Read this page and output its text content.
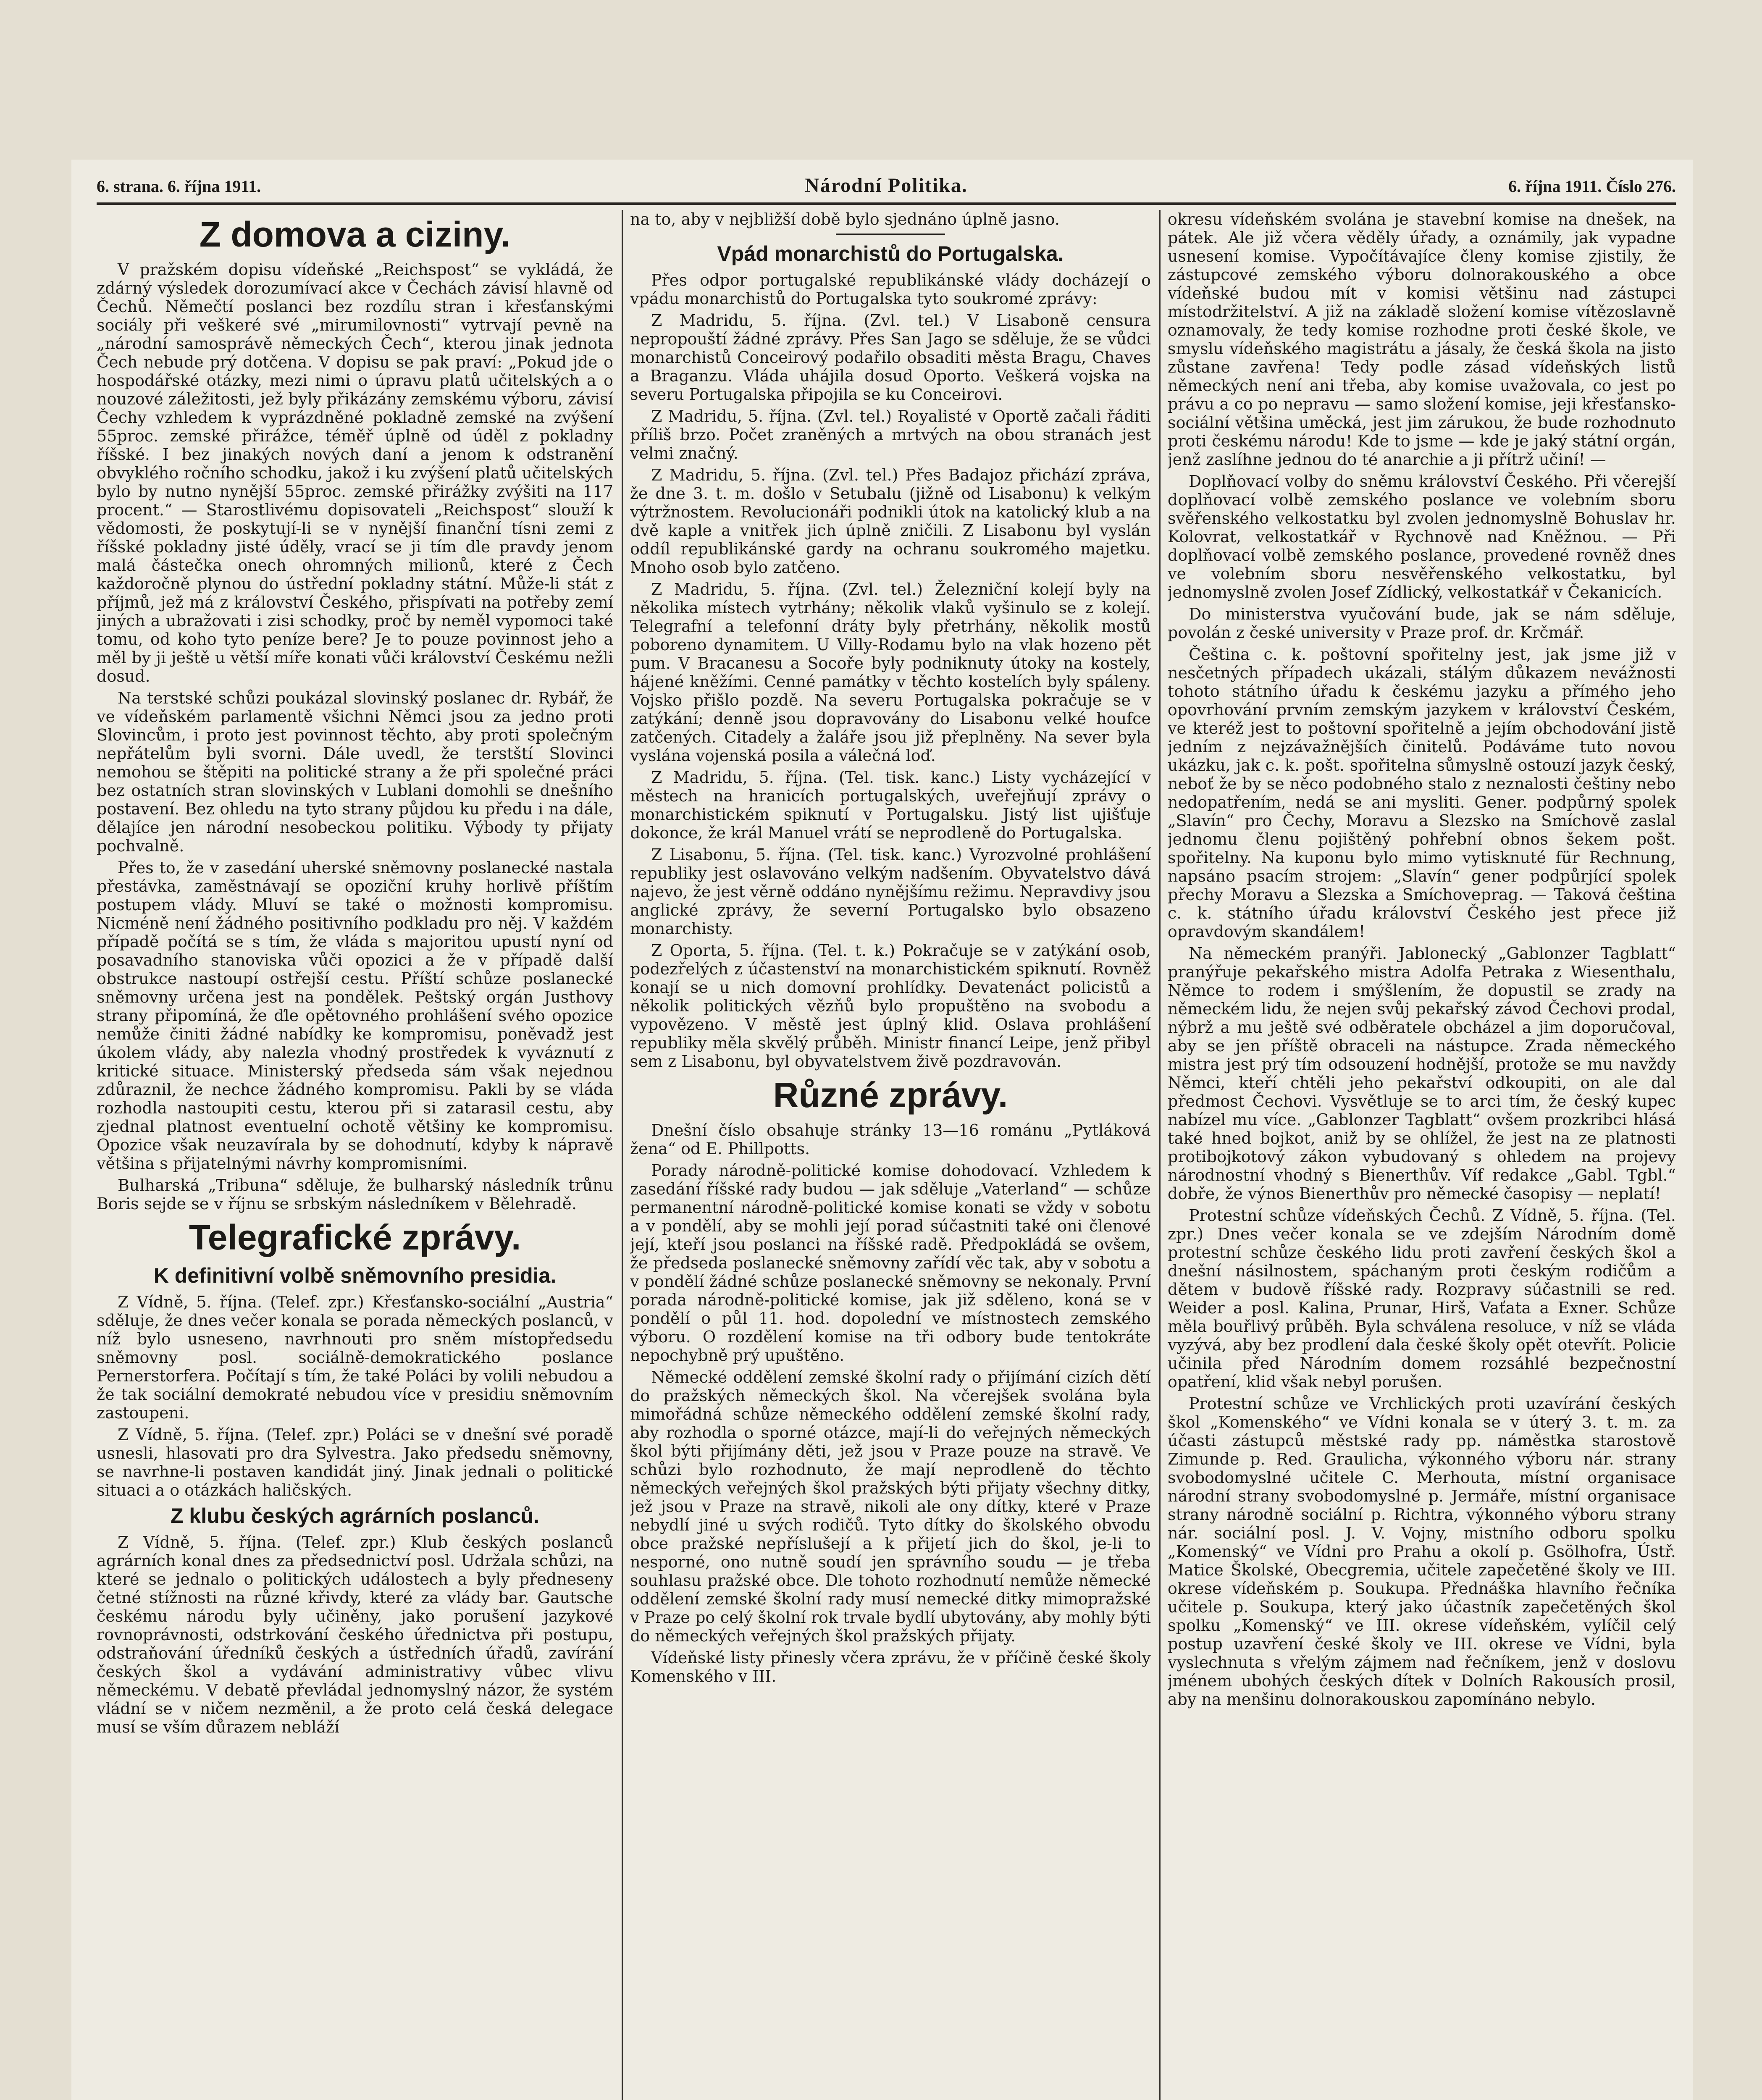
6. strana. 6. října 1911.	Národní Politika.	6. října 1911. Číslo 276.
Z domova a ciziny.

V pražském dopisu vídeňské „Reichspost“ se vykládá, že zdárný výsledek dorozumívací akce v Čechách závisí hlavně od Čechů. Němečtí poslanci bez rozdílu stran i křesťanskými sociály při veškeré své „mirumilovnosti“ vytrvají pevně na „národní samosprávě německých Čech“, kterou jinak jednota Čech nebude prý dotčena. V dopisu se pak praví: „Pokud jde o hospodářské otázky, mezi nimi o úpravu platů učitelských a o nouzové záležitosti, jež byly přikázány zemskému výboru, závisí Čechy vzhledem k vyprázdněné pokladně zemské na zvýšení 55proc. zemské přirážce, téměř úplně od úděl z pokladny říšské. I bez jinakých nových daní a jenom k odstranění obvyklého ročního schodku, jakož i ku zvýšení platů učitelských bylo by nutno nynější 55proc. zemské přirážky zvýšiti na 117 procent.“ — Starostlivému dopisovateli „Reichspost“ slouží k vědomosti, že poskytují-li se v nynější finanční tísni zemi z říšské pokladny jisté úděly, vrací se ji tím dle pravdy jenom malá částečka onech ohromných milionů, které z Čech každoročně plynou do ústřední pokladny státní. Může-li stát z příjmů, jež má z království Českého, přispívati na potřeby zemí jiných a ubražovati i zisi schodky, proč by neměl vypomoci také tomu, od koho tyto peníze bere? Je to pouze povinnost jeho a měl by ji ještě u větší míře konati vůči království Českému nežli dosud.

Na terstské schůzi poukázal slovinský poslanec dr. Rybář, že ve vídeňském parlamentě všichni Němci jsou za jedno proti Slovincům, i proto jest povinnost těchto, aby proti společným nepřátelům byli svorni. Dále uvedl, že terstští Slovinci nemohou se štěpiti na politické strany a že při společné práci bez ostatních stran slovinských v Lublani domohli se dnešního postavení. Bez ohledu na tyto strany půjdou ku předu i na dále, dělajíce jen národní nesobeckou politiku. Výbody ty přijaty pochvalně.

Přes to, že v zasedání uherské sněmovny poslanecké nastala přestávka, zaměstnávají se opoziční kruhy horlivě příštím postupem vlády. Mluví se také o možnosti kompromisu. Nicméně není žádného positivního podkladu pro něj. V každém případě počítá se s tím, že vláda s majoritou upustí nyní od posavadního stanoviska vůči opozici a že v případě další obstrukce nastoupí ostřejší cestu. Příští schůze poslanecké sněmovny určena jest na pondělek. Peštský orgán Justhovy strany připomíná, že ďle opětovného prohlášení svého opozice nemůže činiti žádné nabídky ke kompromisu, poněvadž jest úkolem vlády, aby nalezla vhodný prostředek k vyváznutí z kritické situace. Ministerský předseda sám však nejednou zdůraznil, že nechce žádného kompromisu. Pakli by se vláda rozhodla nastoupiti cestu, kterou při si zatarasil cestu, aby zjednal platnost eventuelní ochotě většiny ke kompromisu. Opozice však neuzavírala by se dohodnutí, kdyby k nápravě většina s přijatelnými návrhy kompromisními.

Bulharská „Tribuna“ sděluje, že bulharský následník trůnu Boris sejde se v říjnu se srbským následníkem v Bělehradě.

Telegrafické zprávy.
K definitivní volbě sněmovního presidia.

Z Vídně, 5. října. (Telef. zpr.) Křesťansko-sociální „Austria“ sděluje, že dnes večer konala se porada německých poslanců, v níž bylo usneseno, navrhnouti pro sněm místopředsedu sněmovny posl. sociálně-demokratického poslance Pernerstorfera. Počítají s tím, že také Poláci by volili nebudou a že tak sociální demokraté nebudou více v presidiu sněmovním zastoupeni.

Z Vídně, 5. října. (Telef. zpr.) Poláci se v dnešní své poradě usnesli, hlasovati pro dra Sylvestra. Jako předsedu sněmovny, se navrhne-li postaven kandidát jiný. Jinak jednali o politické situaci a o otázkách haličských.

Z klubu českých agrárních poslanců.

Z Vídně, 5. října. (Telef. zpr.) Klub českých poslanců agrárních konal dnes za předsednictví posl. Udržala schůzi, na které se jednalo o politických událostech a byly předneseny četné stížnosti na různé křivdy, které za vlády bar. Gautsche českému národu byly učiněny, jako porušení jazykové rovnoprávnosti, odstrkování českého úřednictva při postupu, odstraňování úředníků českých a ústředních úřadů, zavírání českých škol a vydávání administrativy vůbec vlivu německému. V debatě převládal jednomyslný názor, že systém vládní se v ničem nezměnil, a že proto celá česká delegace musí se vším důrazem nebláží

na to, aby v nejbližší době bylo sjednáno úplně jasno.

Vpád monarchistů do Portugalska.

Přes odpor portugalské republikánské vlády docházejí o vpádu monarchistů do Portugalska tyto soukromé zprávy:

Z Madridu, 5. října. (Zvl. tel.) V Lisaboně censura nepropouští žádné zprávy. Přes San Jago se sděluje, že se vůdci monarchistů Conceirový podařilo obsaditi města Bragu, Chaves a Braganzu. Vláda uhájila dosud Oporto. Veškerá vojska na severu Portugalska připojila se ku Conceirovi.

Z Madridu, 5. října. (Zvl. tel.) Royalisté v Oportě začali řáditi příliš brzo. Počet zraněných a mrtvých na obou stranách jest velmi značný.

Z Madridu, 5. října. (Zvl. tel.) Přes Badajoz přichází zpráva, že dne 3. t. m. došlo v Setubalu (jižně od Lisabonu) k velkým výtržnostem. Revolucionáři podnikli útok na katolický klub a na dvě kaple a vnitřek jich úplně zničili. Z Lisabonu byl vyslán oddíl republikánské gardy na ochranu soukromého majetku. Mnoho osob bylo zatčeno.

Z Madridu, 5. října. (Zvl. tel.) Železniční kolejí byly na několika místech vytrhány; několik vlaků vyšinulo se z kolejí. Telegrafní a telefonní dráty byly přetrhány, několik mostů poboreno dynamitem. U Villy-Rodamu bylo na vlak hozeno pět pum. V Bracanesu a Socoře byly podniknuty útoky na kostely, hájené kněžími. Cenné památky v těchto kostelích byly spáleny. Vojsko přišlo pozdě. Na severu Portugalska pokračuje se v zatýkání; denně jsou dopravovány do Lisabonu velké houfce zatčených. Citadely a žaláře jsou již přeplněny. Na sever byla vyslána vojenská posila a válečná loď.

Z Madridu, 5. října. (Tel. tisk. kanc.) Listy vycházející v městech na hranicích portugalských, uveřejňují zprávy o monarchistickém spiknutí v Portugalsku. Jistý list ujišťuje dokonce, že král Manuel vrátí se neprodleně do Portugalska.

Z Lisabonu, 5. října. (Tel. tisk. kanc.) Vyrozvolné prohlášení republiky jest oslavováno velkým nadšením. Obyvatelstvo dává najevo, že jest věrně oddáno nynějšímu režimu. Nepravdivy jsou anglické zprávy, že severní Portugalsko bylo obsazeno monarchisty.

Z Oporta, 5. října. (Tel. t. k.) Pokračuje se v zatýkání osob, podezřelých z účastenství na monarchistickém spiknutí. Rovněž konají se u nich domovní prohlídky. Devatenáct policistů a několik politických vězňů bylo propuštěno na svobodu a vypovězeno. V městě jest úplný klid. Oslava prohlášení republiky měla skvělý průběh. Ministr financí Leipe, jenž přibyl sem z Lisabonu, byl obyvatelstvem živě pozdravován.

Různé zprávy.

Dnešní číslo obsahuje stránky 13—16 románu „Pytláková žena“ od E. Phillpotts.

Porady národně-politické komise dohodovací. Vzhledem k zasedání říšské rady budou — jak sděluje „Vaterland“ — schůze permanentní národně-politické komise konati se vždy v sobotu a v pondělí, aby se mohli její porad súčastniti také oni členové její, kteří jsou poslanci na říšské radě. Předpokládá se ovšem, že předseda poslanecké sněmovny zařídí věc tak, aby v sobotu a v pondělí žádné schůze poslanecké sněmovny se nekonaly. První porada národně-politické komise, jak již sděleno, koná se v pondělí o půl 11. hod. dopolední ve místnostech zemského výboru. O rozdělení komise na tři odbory bude tentokráte nepochybně prý upuštěno.

Německé oddělení zemské školní rady o přijímání cizích dětí do pražských německých škol. Na včerejšek svolána byla mimořádná schůze německého oddělení zemské školní rady, aby rozhodla o sporné otázce, mají-li do veřejných německých škol býti přijímány děti, jež jsou v Praze pouze na stravě. Ve schůzi bylo rozhodnuto, že mají neprodleně do těchto německých veřejných škol pražských býti přijaty všechny ditky, jež jsou v Praze na stravě, nikoli ale ony dítky, které v Praze nebydlí jiné u svých rodičů. Tyto dítky do školského obvodu obce pražské nepříslušejí a k přijetí jich do škol, je-li to nesporné, ono nutně soudí jen správního soudu — je třeba souhlasu pražské obce. Dle tohoto rozhodnutí nemůže německé oddělení zemské školní rady musí nemecké ditky mimopražské v Praze po celý školní rok trvale bydlí ubytovány, aby mohly býti do německých veřejných škol pražských přijaty.

Vídeňské listy přinesly včera zprávu, že v příčině české školy Komenského v III.

okresu vídeňském svolána je stavební komise na dnešek, na pátek. Ale již včera věděly úřady, a oznámily, jak vypadne usnesení komise. Vypočítávajíce členy komise zjistily, že zástupcové zemského výboru dolnorakouského a obce vídeňské budou mít v komisi většinu nad zástupci místodržitelství. A již na základě složení komise vítězoslavně oznamovaly, že tedy komise rozhodne proti české škole, ve smyslu vídeňského magistrátu a jásaly, že česká škola na jisto zůstane zavřena! Tedy podle zásad vídeňských listů německých není ani třeba, aby komise uvažovala, co jest po právu a co po nepravu — samo složení komise, jeji křesťansko-sociální většina uměcká, jest jim zárukou, že bude rozhodnuto proti českému národu! Kde to jsme — kde je jaký státní orgán, jenž zaslíhne jednou do té anarchie a ji přítrž učiní! —

Doplňovací volby do sněmu království Českého. Při včerejší doplňovací volbě zemského poslance ve volebním sboru svěřenského velkostatku byl zvolen jednomyslně Bohuslav hr. Kolovrat, velkostatkář v Rychnově nad Kněžnou. — Při doplňovací volbě zemského poslance, provedené rovněž dnes ve volebním sboru nesvěřenského velkostatku, byl jednomyslně zvolen Josef Zídlický, velkostatkář v Čekanicích.

Do ministerstva vyučování bude, jak se nám sděluje, povolán z české university v Praze prof. dr. Krčmář.

Čeština c. k. poštovní spořitelny jest, jak jsme již v nesčetných případech ukázali, stálým důkazem nevážnosti tohoto státního úřadu k českému jazyku a přímého jeho opovrhování prvním zemským jazykem v království Českém, ve kteréž jest to poštovní spořitelně a jejím obchodování jistě jedním z nejzávažnějších činitelů. Podáváme tuto novou ukázku, jak c. k. pošt. spořitelna sůmyslně ostouzí jazyk český, neboť že by se něco podobného stalo z neznalosti češtiny nebo nedopatřením, nedá se ani mysliti. Gener. podpůrný spolek „Slavín“ pro Čechy, Moravu a Slezsko na Smíchově zaslal jednomu členu pojištěný pohřební obnos šekem pošt. spořitelny. Na kuponu bylo mimo vytisknuté für Rechnung, napsáno psacím strojem: „Slavín“ gener podpůrjící spolek přechy Moravu a Slezska a Smíchoveprag. — Taková čeština c. k. státního úřadu království Českého jest přece již opravdovým skandálem!

Na německém pranýři. Jablonecký „Gablonzer Tagblatt“ pranýřuje pekařského mistra Adolfa Petraka z Wiesenthalu, Němce to rodem i smýšlením, že dopustil se zrady na německém lidu, že nejen svůj pekařský závod Čechovi prodal, nýbrž a mu ještě své odběratele obcházel a jim doporučoval, aby se jen příště obraceli na nástupce. Zrada německého mistra jest prý tím odsouzení hodnější, protože se mu navždy Němci, kteří chtěli jeho pekařství odkoupiti, on ale dal předmost Čechovi. Vysvětluje se to arci tím, že český kupec nabízel mu více. „Gablonzer Tagblatt“ ovšem prozkribci hlásá také hned bojkot, aniž by se ohlížel, že jest na ze platnosti protibojkotový zákon vybudovaný s ohledem na projevy národnostní vhodný s Bienerthův. Víf redakce „Gabl. Tgbl.“ dobře, že výnos Bienerthův pro německé časopisy — neplatí!

Protestní schůze vídeňských Čechů. Z Vídně, 5. října. (Tel. zpr.) Dnes večer konala se ve zdejším Národním domě protestní schůze českého lidu proti zavření českých škol a dnešní násilnostem, spáchaným proti českým rodičům a dětem v budově říšské rady. Rozpravy súčastnili se red. Weider a posl. Kalina, Prunar, Hirš, Vaťata a Exner. Schůze měla bouřlivý průběh. Byla schválena resoluce, v níž se vláda vyzývá, aby bez prodlení dala české školy opět otevřít. Policie učinila před Národním domem rozsáhlé bezpečnostní opatření, klid však nebyl porušen.

Protestní schůze ve Vrchlických proti uzavírání českých škol „Komenského“ ve Vídni konala se v úterý 3. t. m. za účasti zástupců městské rady pp. náměstka starostově Zimunde p. Red. Graulicha, výkonného výboru nár. strany svobodomyslné učitele C. Merhouta, místní organisace národní strany svobodomyslné p. Jermáře, místní organisace strany národně sociální p. Richtra, výkonného výboru strany nár. sociální posl. J. V. Vojny, mistního odboru spolku „Komenský“ ve Vídni pro Prahu a okolí p. Gsölhofra, Ústř. Matice Školské, Obecgremia, učitele zapečetěné školy ve III. okrese vídeňském p. Soukupa. Přednáška hlavního řečníka učitele p. Soukupa, který jako účastník zapečetěných škol spolku „Komenský“ ve III. okrese vídeňském, vylíčil celý postup uzavření české školy ve III. okrese ve Vídni, byla vyslechnuta s vřelým zájmem nad řečníkem, jenž v doslovu jménem ubohých českých dítek v Dolních Rakousích prosil, aby na menšinu dolnorakouskou zapomínáno nebylo.
